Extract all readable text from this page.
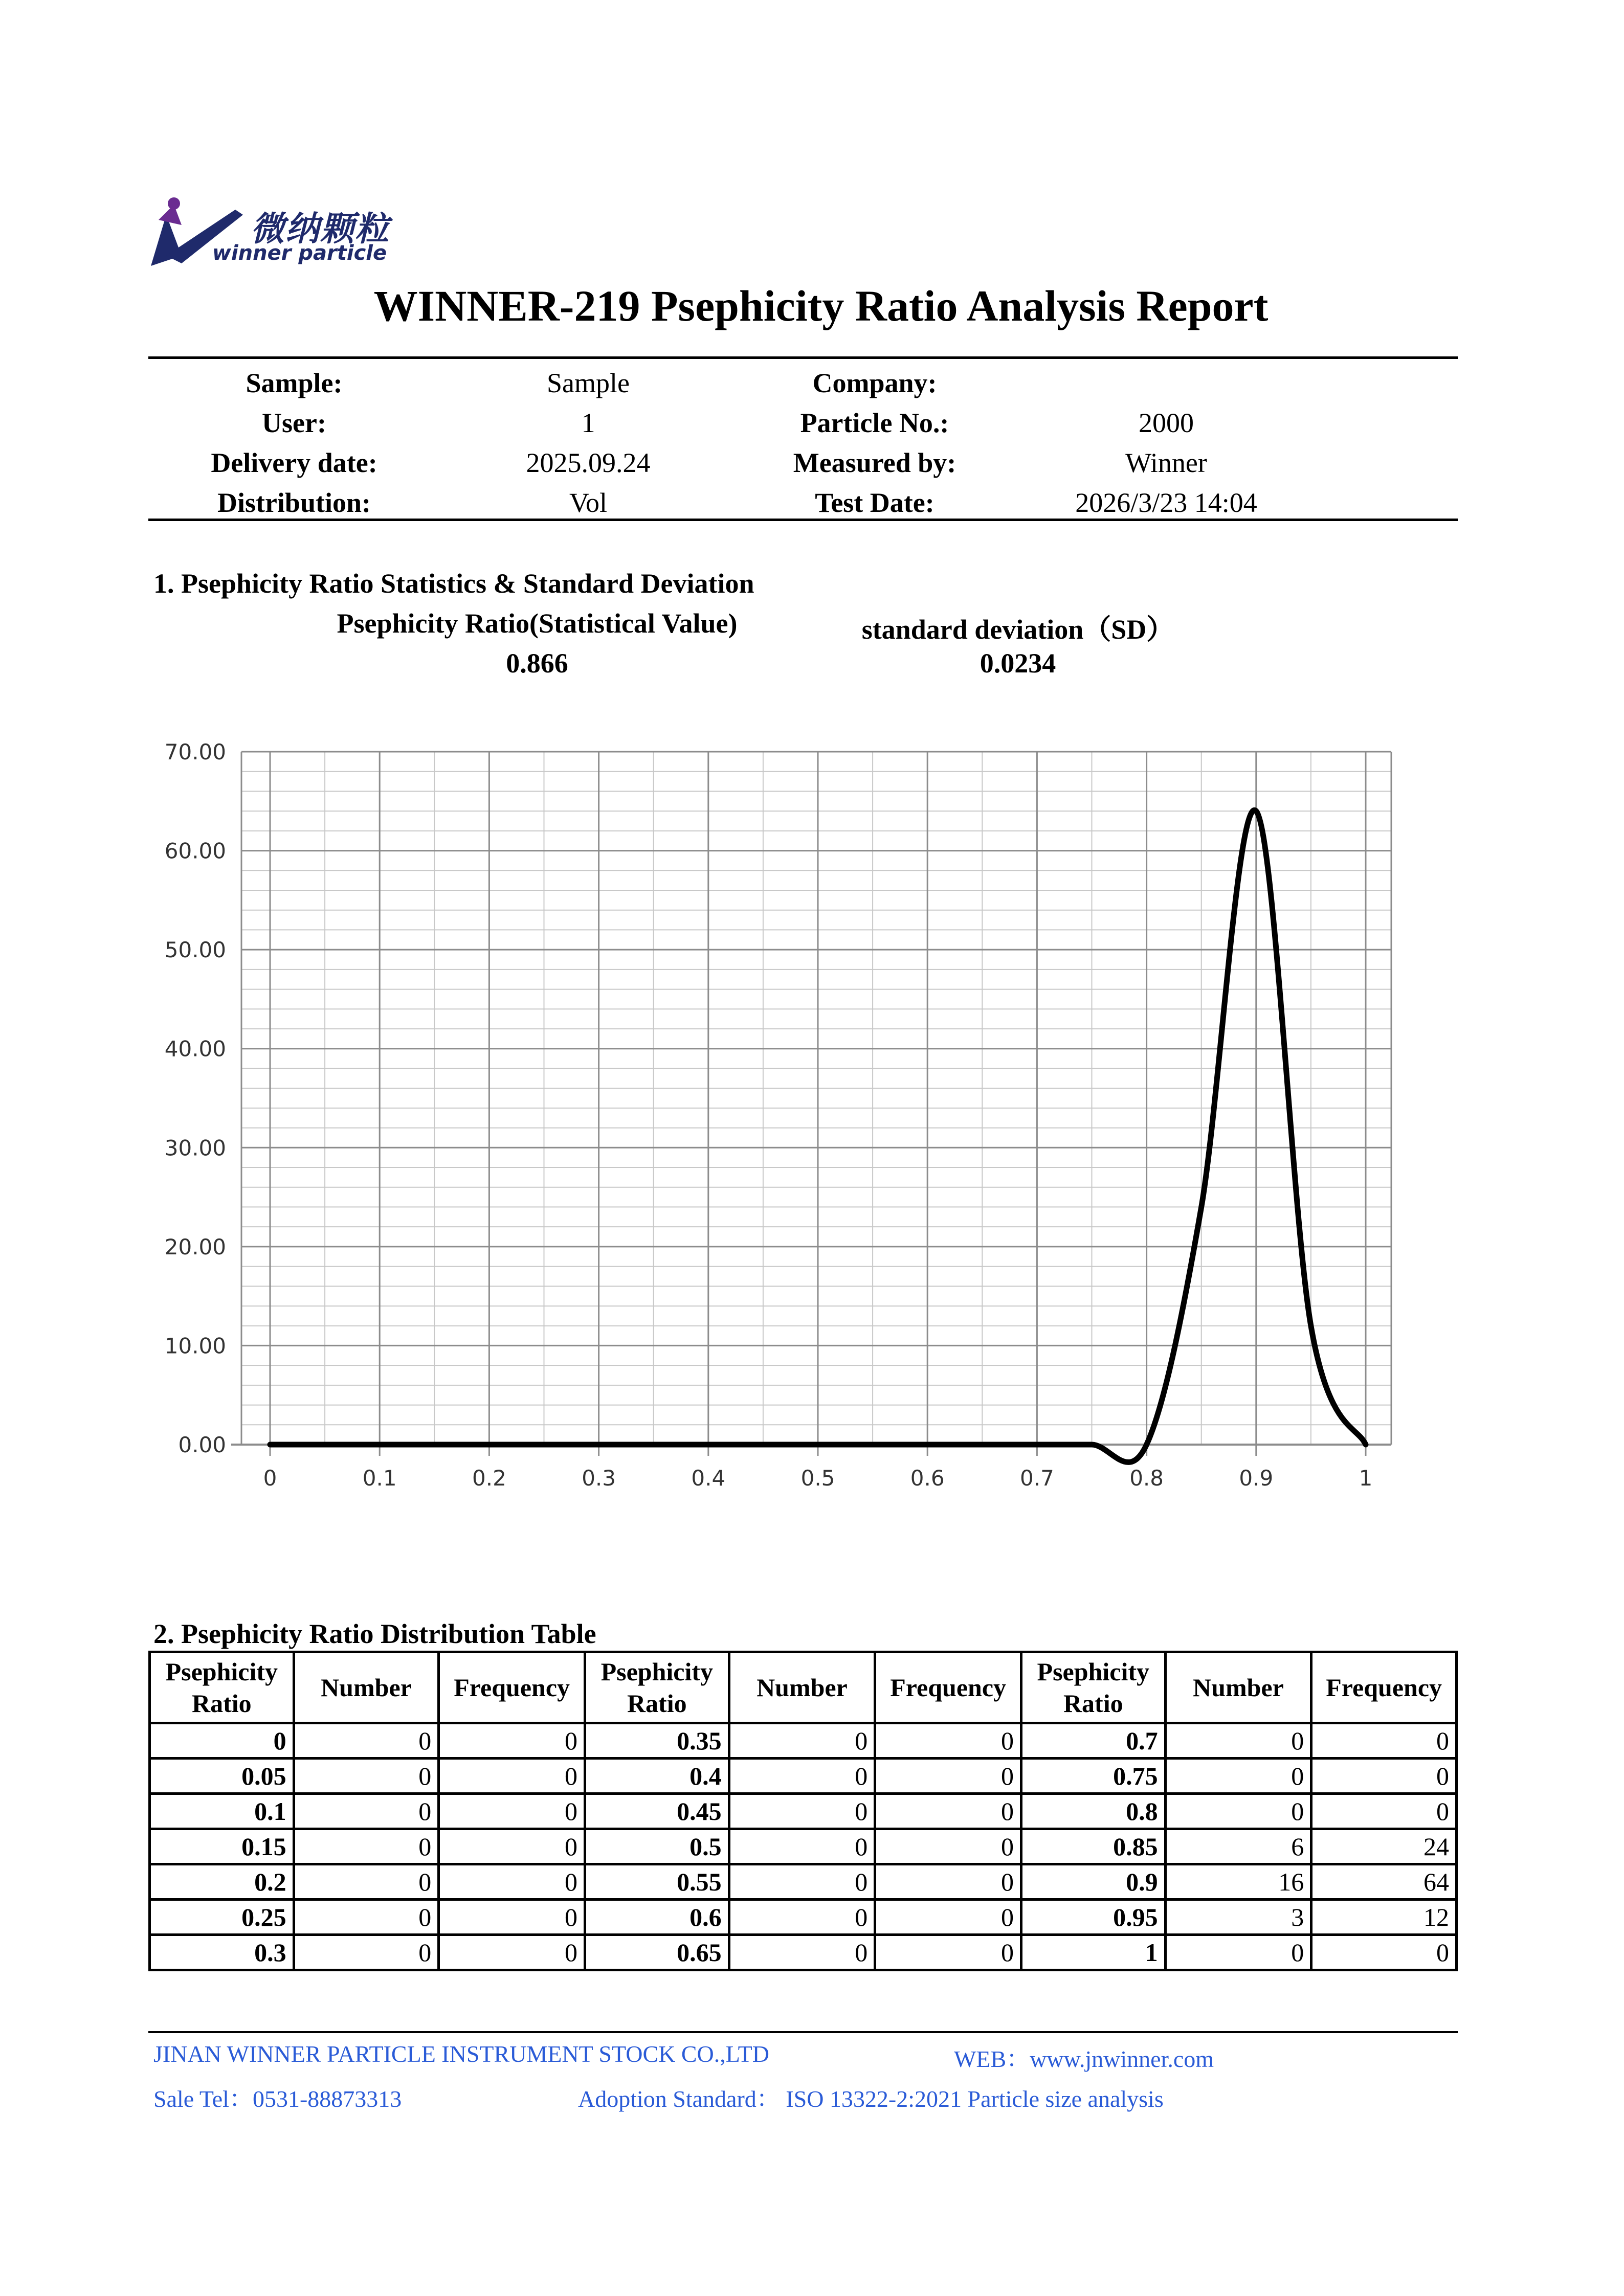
微纳颗粒
winner particle
WINNER-219 Psephicity Ratio Analysis Report
Sample:	Sample	Company:
User:	1	Particle No.:	2000
Delivery date:	2025.09.24	Measured by:	Winner
Distribution:	Vol	Test Date:	2026/3/23 14:04
1. Psephicity Ratio Statistics & Standard Deviation
Psephicity Ratio(Statistical Value)	standard deviation（SD）
0.866	0.0234
0.00
10.00
20.00
30.00
40.00
50.00
60.00
70.00
0	0.1	0.2	0.3	0.4	0.5	0.6	0.7	0.8	0.9	1
2. Psephicity Ratio Distribution Table
Psephicity Ratio	Number	Frequency	Psephicity Ratio	Number	Frequency	Psephicity Ratio	Number	Frequency
0	0	0	0.35	0	0	0.7	0	0
0.05	0	0	0.4	0	0	0.75	0	0
0.1	0	0	0.45	0	0	0.8	0	0
0.15	0	0	0.5	0	0	0.85	6	24
0.2	0	0	0.55	0	0	0.9	16	64
0.25	0	0	0.6	0	0	0.95	3	12
0.3	0	0	0.65	0	0	1	0	0
JINAN WINNER PARTICLE INSTRUMENT STOCK CO.,LTD	WEB：www.jnwinner.com
Sale Tel：0531-88873313	Adoption Standard： ISO 13322-2:2021 Particle size analysis
